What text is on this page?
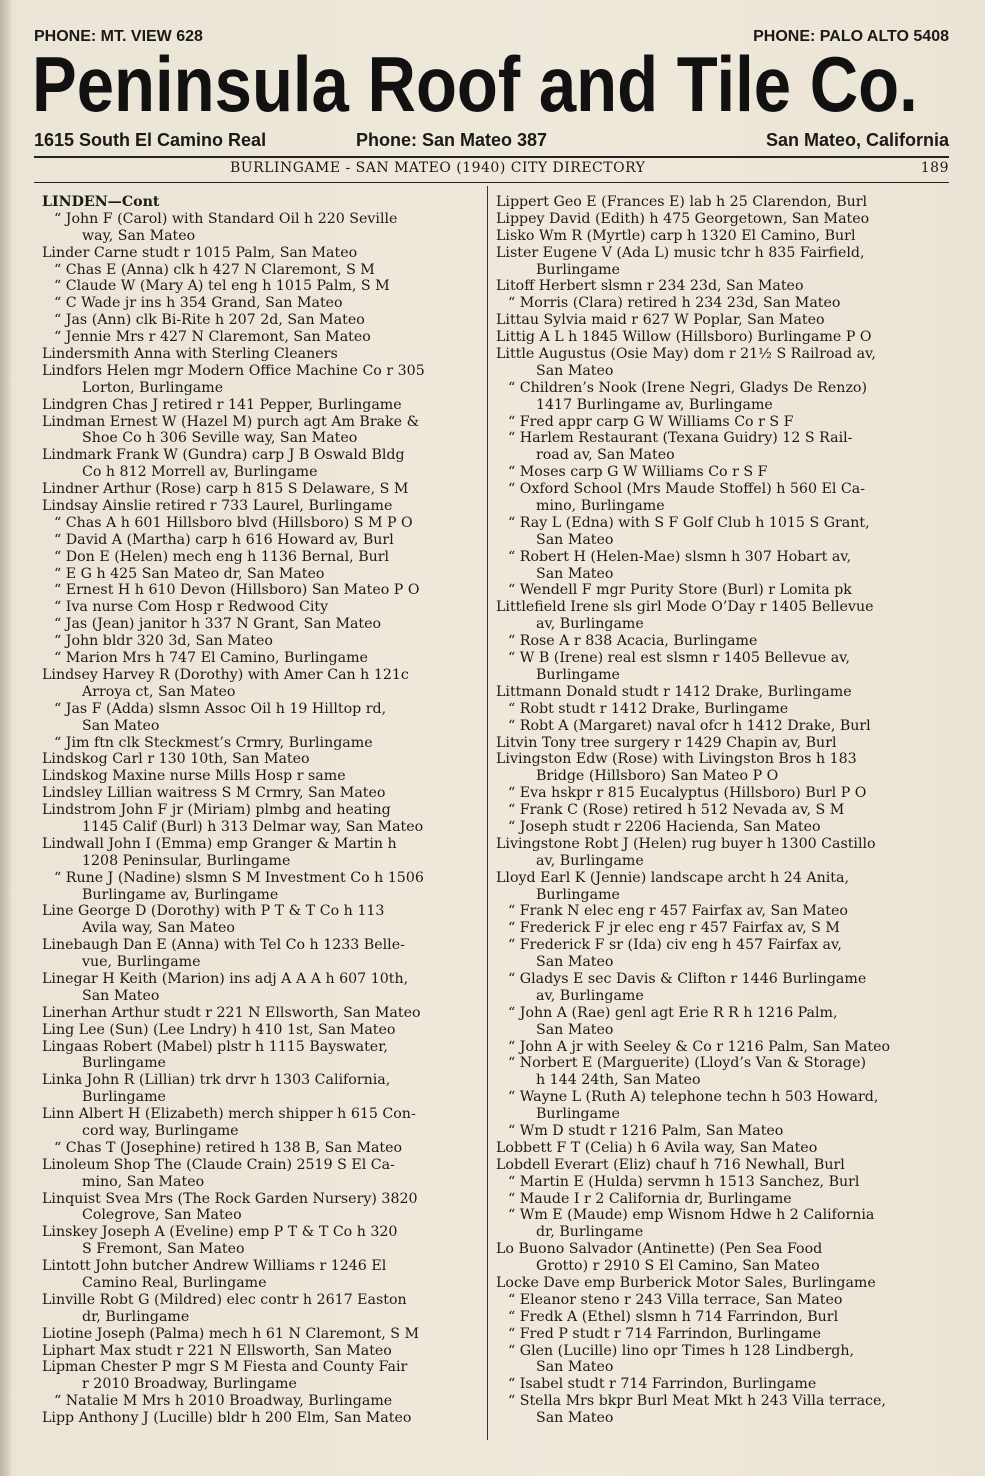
PHONE: MT. VIEW 628	PHONE: PALO ALTO 5408
Peninsula Roof and Tile Co.
1615 South El Camino Real	Phone: San Mateo 387	San Mateo, California
BURLINGAME - SAN MATEO (1940) CITY DIRECTORY	189
LINDEN—Cont
“ John F (Carol) with Standard Oil h 220 Seville
way, San Mateo
Linder Carne studt r 1015 Palm, San Mateo
“ Chas E (Anna) clk h 427 N Claremont, S M
“ Claude W (Mary A) tel eng h 1015 Palm, S M
“ C Wade jr ins h 354 Grand, San Mateo
“ Jas (Ann) clk Bi-Rite h 207 2d, San Mateo
“ Jennie Mrs r 427 N Claremont, San Mateo
Lindersmith Anna with Sterling Cleaners
Lindfors Helen mgr Modern Office Machine Co r 305
Lorton, Burlingame
Lindgren Chas J retired r 141 Pepper, Burlingame
Lindman Ernest W (Hazel M) purch agt Am Brake &
Shoe Co h 306 Seville way, San Mateo
Lindmark Frank W (Gundra) carp J B Oswald Bldg
Co h 812 Morrell av, Burlingame
Lindner Arthur (Rose) carp h 815 S Delaware, S M
Lindsay Ainslie retired r 733 Laurel, Burlingame
“ Chas A h 601 Hillsboro blvd (Hillsboro) S M P O
“ David A (Martha) carp h 616 Howard av, Burl
“ Don E (Helen) mech eng h 1136 Bernal, Burl
“ E G h 425 San Mateo dr, San Mateo
“ Ernest H h 610 Devon (Hillsboro) San Mateo P O
“ Iva nurse Com Hosp r Redwood City
“ Jas (Jean) janitor h 337 N Grant, San Mateo
“ John bldr 320 3d, San Mateo
“ Marion Mrs h 747 El Camino, Burlingame
Lindsey Harvey R (Dorothy) with Amer Can h 121c
Arroya ct, San Mateo
“ Jas F (Adda) slsmn Assoc Oil h 19 Hilltop rd,
San Mateo
“ Jim ftn clk Steckmest’s Crmry, Burlingame
Lindskog Carl r 130 10th, San Mateo
Lindskog Maxine nurse Mills Hosp r same
Lindsley Lillian waitress S M Crmry, San Mateo
Lindstrom John F jr (Miriam) plmbg and heating
1145 Calif (Burl) h 313 Delmar way, San Mateo
Lindwall John I (Emma) emp Granger & Martin h
1208 Peninsular, Burlingame
“ Rune J (Nadine) slsmn S M Investment Co h 1506
Burlingame av, Burlingame
Line George D (Dorothy) with P T & T Co h 113
Avila way, San Mateo
Linebaugh Dan E (Anna) with Tel Co h 1233 Belle-
vue, Burlingame
Linegar H Keith (Marion) ins adj A A A h 607 10th,
San Mateo
Linerhan Arthur studt r 221 N Ellsworth, San Mateo
Ling Lee (Sun) (Lee Lndry) h 410 1st, San Mateo
Lingaas Robert (Mabel) plstr h 1115 Bayswater,
Burlingame
Linka John R (Lillian) trk drvr h 1303 California,
Burlingame
Linn Albert H (Elizabeth) merch shipper h 615 Con-
cord way, Burlingame
“ Chas T (Josephine) retired h 138 B, San Mateo
Linoleum Shop The (Claude Crain) 2519 S El Ca-
mino, San Mateo
Linquist Svea Mrs (The Rock Garden Nursery) 3820
Colegrove, San Mateo
Linskey Joseph A (Eveline) emp P T & T Co h 320
S Fremont, San Mateo
Lintott John butcher Andrew Williams r 1246 El
Camino Real, Burlingame
Linville Robt G (Mildred) elec contr h 2617 Easton
dr, Burlingame
Liotine Joseph (Palma) mech h 61 N Claremont, S M
Liphart Max studt r 221 N Ellsworth, San Mateo
Lipman Chester P mgr S M Fiesta and County Fair
r 2010 Broadway, Burlingame
“ Natalie M Mrs h 2010 Broadway, Burlingame
Lipp Anthony J (Lucille) bldr h 200 Elm, San Mateo
Lippert Geo E (Frances E) lab h 25 Clarendon, Burl
Lippey David (Edith) h 475 Georgetown, San Mateo
Lisko Wm R (Myrtle) carp h 1320 El Camino, Burl
Lister Eugene V (Ada L) music tchr h 835 Fairfield,
Burlingame
Litoff Herbert slsmn r 234 23d, San Mateo
“ Morris (Clara) retired h 234 23d, San Mateo
Littau Sylvia maid r 627 W Poplar, San Mateo
Littig A L h 1845 Willow (Hillsboro) Burlingame P O
Little Augustus (Osie May) dom r 21½ S Railroad av,
San Mateo
“ Children’s Nook (Irene Negri, Gladys De Renzo)
1417 Burlingame av, Burlingame
“ Fred appr carp G W Williams Co r S F
“ Harlem Restaurant (Texana Guidry) 12 S Rail-
road av, San Mateo
“ Moses carp G W Williams Co r S F
“ Oxford School (Mrs Maude Stoffel) h 560 El Ca-
mino, Burlingame
“ Ray L (Edna) with S F Golf Club h 1015 S Grant,
San Mateo
“ Robert H (Helen-Mae) slsmn h 307 Hobart av,
San Mateo
“ Wendell F mgr Purity Store (Burl) r Lomita pk
Littlefield Irene sls girl Mode O’Day r 1405 Bellevue
av, Burlingame
“ Rose A r 838 Acacia, Burlingame
“ W B (Irene) real est slsmn r 1405 Bellevue av,
Burlingame
Littmann Donald studt r 1412 Drake, Burlingame
“ Robt studt r 1412 Drake, Burlingame
“ Robt A (Margaret) naval ofcr h 1412 Drake, Burl
Litvin Tony tree surgery r 1429 Chapin av, Burl
Livingston Edw (Rose) with Livingston Bros h 183
Bridge (Hillsboro) San Mateo P O
“ Eva hskpr r 815 Eucalyptus (Hillsboro) Burl P O
“ Frank C (Rose) retired h 512 Nevada av, S M
“ Joseph studt r 2206 Hacienda, San Mateo
Livingstone Robt J (Helen) rug buyer h 1300 Castillo
av, Burlingame
Lloyd Earl K (Jennie) landscape archt h 24 Anita,
Burlingame
“ Frank N elec eng r 457 Fairfax av, San Mateo
“ Frederick F jr elec eng r 457 Fairfax av, S M
“ Frederick F sr (Ida) civ eng h 457 Fairfax av,
San Mateo
“ Gladys E sec Davis & Clifton r 1446 Burlingame
av, Burlingame
“ John A (Rae) genl agt Erie R R h 1216 Palm,
San Mateo
“ John A jr with Seeley & Co r 1216 Palm, San Mateo
“ Norbert E (Marguerite) (Lloyd’s Van & Storage)
h 144 24th, San Mateo
“ Wayne L (Ruth A) telephone techn h 503 Howard,
Burlingame
“ Wm D studt r 1216 Palm, San Mateo
Lobbett F T (Celia) h 6 Avila way, San Mateo
Lobdell Everart (Eliz) chauf h 716 Newhall, Burl
“ Martin E (Hulda) servmn h 1513 Sanchez, Burl
“ Maude I r 2 California dr, Burlingame
“ Wm E (Maude) emp Wisnom Hdwe h 2 California
dr, Burlingame
Lo Buono Salvador (Antinette) (Pen Sea Food
Grotto) r 2910 S El Camino, San Mateo
Locke Dave emp Burberick Motor Sales, Burlingame
“ Eleanor steno r 243 Villa terrace, San Mateo
“ Fredk A (Ethel) slsmn h 714 Farrindon, Burl
“ Fred P studt r 714 Farrindon, Burlingame
“ Glen (Lucille) lino opr Times h 128 Lindbergh,
San Mateo
“ Isabel studt r 714 Farrindon, Burlingame
“ Stella Mrs bkpr Burl Meat Mkt h 243 Villa terrace,
San Mateo
